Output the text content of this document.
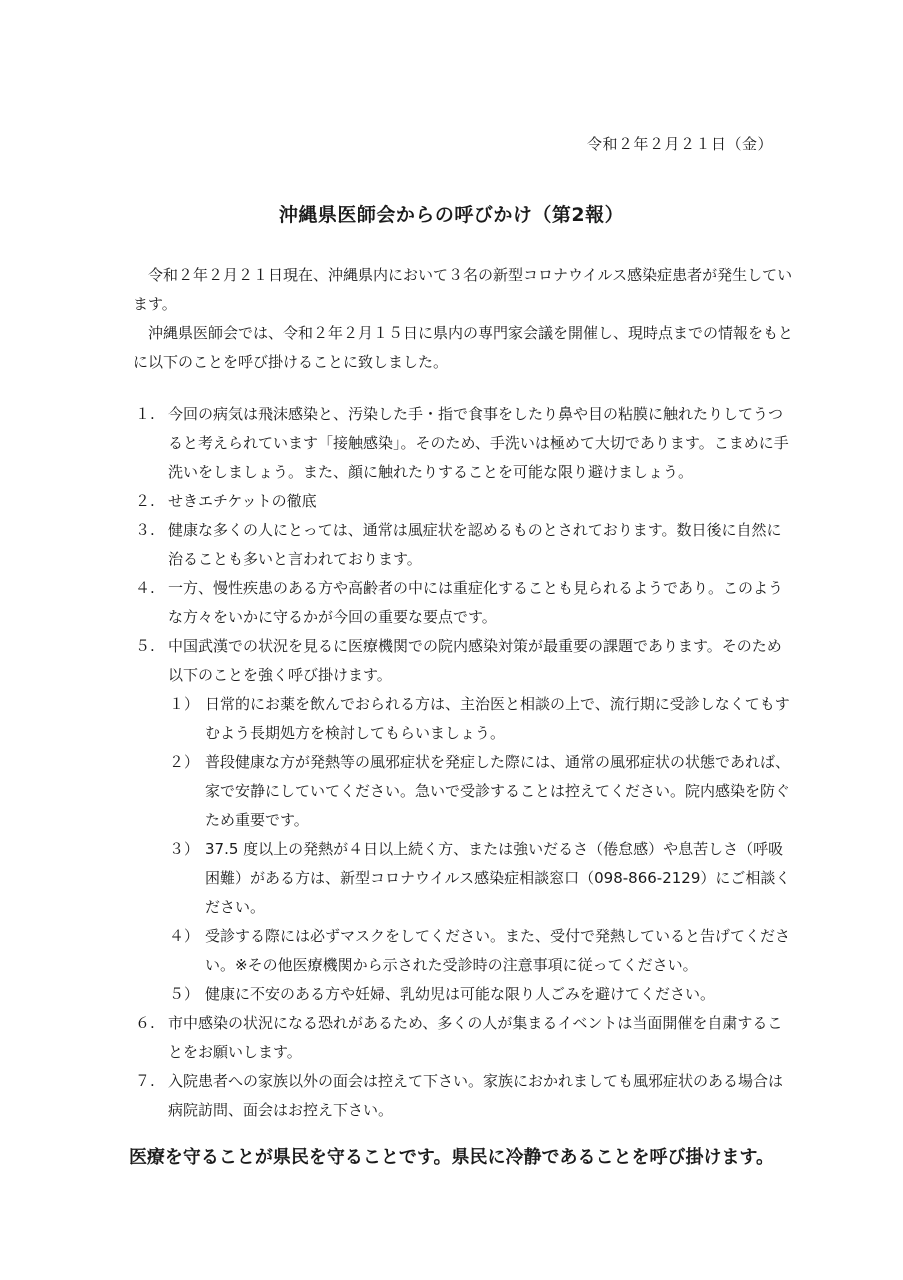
令和２年２月２１日（金）
沖縄県医師会からの呼びかけ（第2報）

令和２年２月２１日現在、沖縄県内において３名の新型コロナウイルス感染症患者が発生しています。

沖縄県医師会では、令和２年２月１５日に県内の専門家会議を開催し、現時点までの情報をもとに以下のことを呼び掛けることに致しました。

１. 今回の病気は飛沫感染と、汚染した手・指で食事をしたり鼻や目の粘膜に触れたりしてうつると考えられています「接触感染」。そのため、手洗いは極めて大切であります。こまめに手洗いをしましょう。また、顔に触れたりすることを可能な限り避けましょう。
２. せきエチケットの徹底
３. 健康な多くの人にとっては、通常は風症状を認めるものとされております。数日後に自然に治ることも多いと言われております。
４. 一方、慢性疾患のある方や高齢者の中には重症化することも見られるようであり。このような方々をいかに守るかが今回の重要な要点です。
５. 中国武漢での状況を見るに医療機関での院内感染対策が最重要の課題であります。そのため以下のことを強く呼び掛けます。
１） 日常的にお薬を飲んでおられる方は、主治医と相談の上で、流行期に受診しなくてもすむよう長期処方を検討してもらいましょう。
２） 普段健康な方が発熱等の風邪症状を発症した際には、通常の風邪症状の状態であれば、家で安静にしていてください。急いで受診することは控えてください。院内感染を防ぐため重要です。
３） 37.5 度以上の発熱が４日以上続く方、または強いだるさ（倦怠感）や息苦しさ（呼吸困難）がある方は、新型コロナウイルス感染症相談窓口（098-866-2129）にご相談ください。
４） 受診する際には必ずマスクをしてください。また、受付で発熱していると告げてください。※その他医療機関から示された受診時の注意事項に従ってください。
５） 健康に不安のある方や妊婦、乳幼児は可能な限り人ごみを避けてください。
６. 市中感染の状況になる恐れがあるため、多くの人が集まるイベントは当面開催を自粛することをお願いします。
７. 入院患者への家族以外の面会は控えて下さい。家族におかれましても風邪症状のある場合は病院訪問、面会はお控え下さい。
医療を守ることが県民を守ることです。県民に冷静であることを呼び掛けます。
